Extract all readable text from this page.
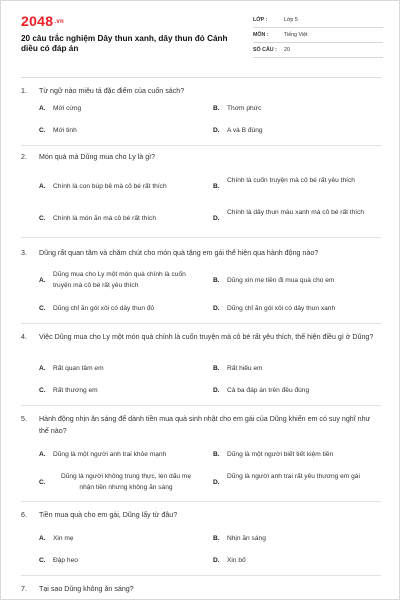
2048.vn
20 câu trắc nghiệm Dây thun xanh, dây thun đỏ Cánh diều có đáp án
LỚP :	Lớp 5
MÔN :	Tiếng Việt
SỐ CÂU : 20
1. Từ ngữ nào miêu tả đặc điểm của cuốn sách?
A. Mới cứng	B. Thơm phức
C. Mới tinh	D. A và B đúng
2. Món quà mà Dũng mua cho Ly là gì?
A. Chính là con búp bê mà cô bé rất thích	B.
Chính là cuốn truyện mà cô bé rất yêu thích
C. Chính là món ăn mà cô bé rất thích	D.
Chính là dây thun màu xanh mà cô bé rất thích
3. Dũng rất quan tâm và chăm chút cho món quà tặng em gái thể hiện qua hành động nào?
A.
Dũng mua cho Ly một món quà chính là cuốn truyện mà cô bé rất yêu thích
B. Dũng xin mẹ tiền đi mua quà cho em
C. Dũng chỉ ăn gói xôi có dây thun đỏ	D. Dũng chỉ ăn gói xôi có dây thun xanh
4. Việc Dũng mua cho Ly một món quà chính là cuốn truyện mà cô bé rất yêu thích, thể hiện điều gì ở Dũng?
A. Rất quan tâm em	B. Rất hiếu em
C. Rất thương em	D. Cả ba đáp án trên đều đúng
5. Hành động nhịn ăn sáng để dành tiền mua quà sinh nhật cho em gái của Dũng khiến em có suy nghĩ như thế nào?
A. Dũng là một người anh trai khỏe mạnh	B. Dũng là một người biết tiết kiệm tiền
C.
Dũng là người không trung thực, lén dấu mẹ nhận tiền nhưng không ăn sáng
D.
Dũng là người anh trai rất yêu thương em gái
6. Tiền mua quà cho em gái, Dũng lấy từ đâu?
A. Xin mẹ	B. Nhịn ăn sáng
C. Đập heo	D. Xin bố
7. Tại sao Dũng không ăn sáng?
